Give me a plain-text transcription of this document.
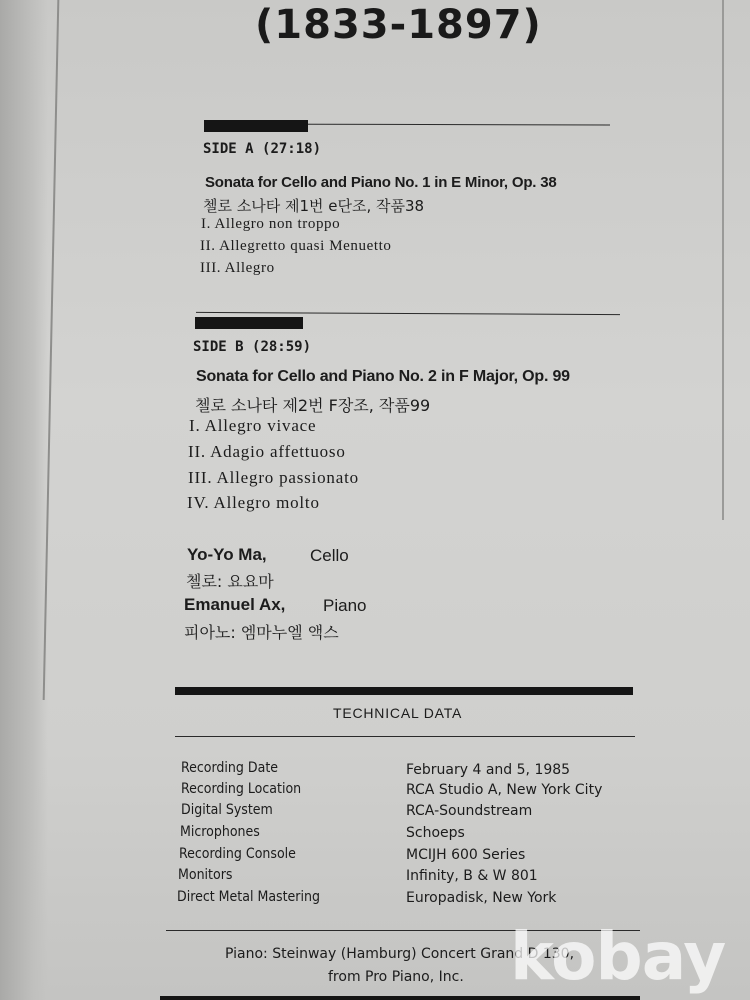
(1833-1897)
SIDE A (27:18)
Sonata for Cello and Piano No. 1 in E Minor, Op. 38
첼로 소나타 제1번 e단조, 작품38
I. Allegro non troppo
II. Allegretto quasi Menuetto
III. Allegro
SIDE B (28:59)
Sonata for Cello and Piano No. 2 in F Major, Op. 99
첼로 소나타 제2번 F장조, 작품99
I. Allegro vivace
II. Adagio affettuoso
III. Allegro passionato
IV. Allegro molto
Yo-Yo Ma,	Cello
첼로: 요요마
Emanuel Ax, Piano
피아노: 엠마누엘 액스
TECHNICAL DATA
Recording Date	February 4 and 5, 1985
Recording Location	RCA Studio A, New York City
Digital System	RCA-Soundstream
Microphones	Schoeps
Recording Console	MCIJH 600 Series
Monitors	Infinity, B & W 801
Direct Metal Mastering	Europadisk, New York
Piano: Steinway (Hamburg) Concert Grand D 130,
from Pro Piano, Inc. kobay
